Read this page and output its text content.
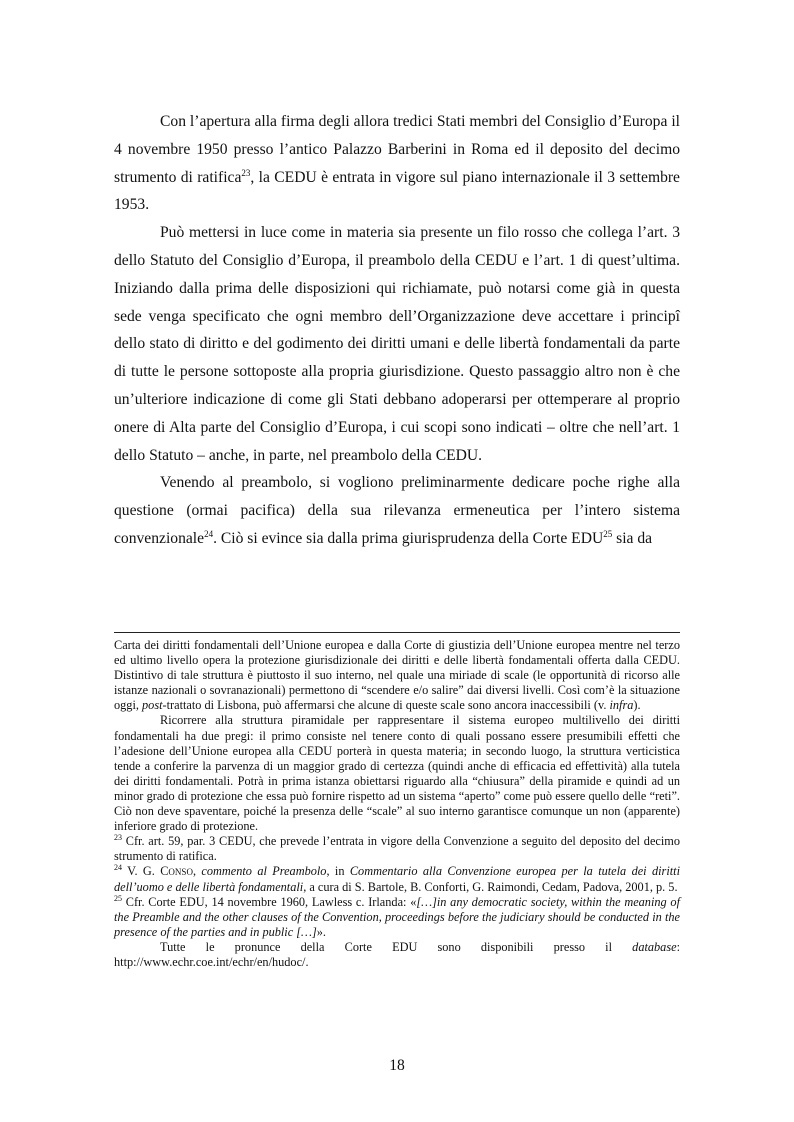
Con l’apertura alla firma degli allora tredici Stati membri del Consiglio d’Europa il 4 novembre 1950 presso l’antico Palazzo Barberini in Roma ed il deposito del decimo strumento di ratifica$^{23}$, la CEDU è entrata in vigore sul piano internazionale il 3 settembre 1953.

Può mettersi in luce come in materia sia presente un filo rosso che collega l’art. 3 dello Statuto del Consiglio d’Europa, il preambolo della CEDU e l’art. 1 di quest’ultima. Iniziando dalla prima delle disposizioni qui richiamate, può notarsi come già in questa sede venga specificato che ogni membro dell’Organizzazione deve accettare i principî dello stato di diritto e del godimento dei diritti umani e delle libertà fondamentali da parte di tutte le persone sottoposte alla propria giurisdizione. Questo passaggio altro non è che un’ulteriore indicazione di come gli Stati debbano adoperarsi per ottemperare al proprio onere di Alta parte del Consiglio d’Europa, i cui scopi sono indicati – oltre che nell’art. 1 dello Statuto – anche, in parte, nel preambolo della CEDU.

Venendo al preambolo, si vogliono preliminarmente dedicare poche righe alla questione (ormai pacifica) della sua rilevanza ermeneutica per l’intero sistema convenzionale$^{24}$. Ciò si evince sia dalla prima giurisprudenza della Corte EDU$^{25}$ sia da

Carta dei diritti fondamentali dell’Unione europea e dalla Corte di giustizia dell’Unione europea mentre nel terzo ed ultimo livello opera la protezione giurisdizionale dei diritti e delle libertà fondamentali offerta dalla CEDU. Distintivo di tale struttura è piuttosto il suo interno, nel quale una miriade di scale (le opportunità di ricorso alle istanze nazionali o sovranazionali) permettono di “scendere e/o salire” dai diversi livelli. Così com’è la situazione oggi, post-trattato di Lisbona, può affermarsi che alcune di queste scale sono ancora inaccessibili (v. infra).

Ricorrere alla struttura piramidale per rappresentare il sistema europeo multilivello dei diritti fondamentali ha due pregi: il primo consiste nel tenere conto di quali possano essere presumibili effetti che l’adesione dell’Unione europea alla CEDU porterà in questa materia; in secondo luogo, la struttura verticistica tende a conferire la parvenza di un maggior grado di certezza (quindi anche di efficacia ed effettività) alla tutela dei diritti fondamentali. Potrà in prima istanza obiettarsi riguardo alla “chiusura” della piramide e quindi ad un minor grado di protezione che essa può fornire rispetto ad un sistema “aperto” come può essere quello delle “reti”. Ciò non deve spaventare, poiché la presenza delle “scale” al suo interno garantisce comunque un non (apparente) inferiore grado di protezione.

$^{23}$ Cfr. art. 59, par. 3 CEDU, che prevede l’entrata in vigore della Convenzione a seguito del deposito del decimo strumento di ratifica.

$^{24}$ V. G. Conso, commento al Preambolo, in Commentario alla Convenzione europea per la tutela dei diritti dell’uomo e delle libertà fondamentali, a cura di S. Bartole, B. Conforti, G. Raimondi, Cedam, Padova, 2001, p. 5.

$^{25}$ Cfr. Corte EDU, 14 novembre 1960, Lawless c. Irlanda: «[…]in any democratic society, within the meaning of the Preamble and the other clauses of the Convention, proceedings before the judiciary should be conducted in the presence of the parties and in public […]».

Tutte le pronunce della Corte EDU sono disponibili presso il database: http://www.echr.coe.int/echr/en/hudoc/.

18
